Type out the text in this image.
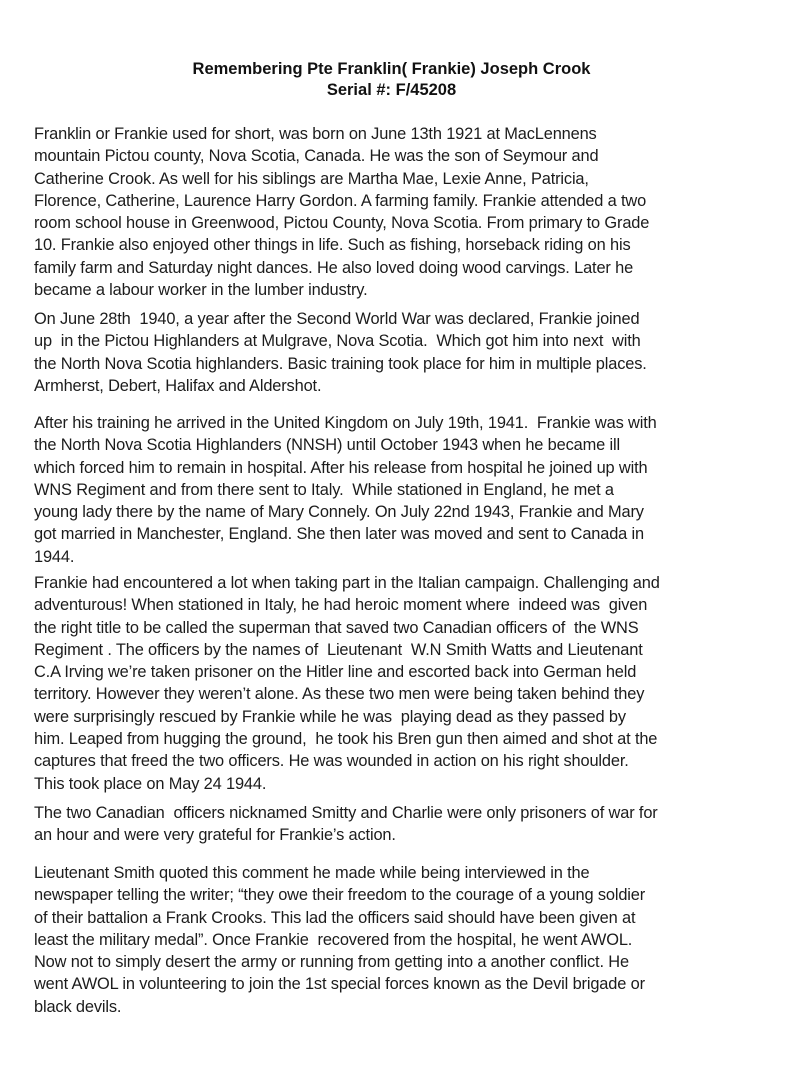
Remembering Pte Franklin( Frankie) Joseph Crook
Serial #: F/45208
Franklin or Frankie used for short, was born on June 13th 1921 at MacLennens
mountain Pictou county, Nova Scotia, Canada. He was the son of Seymour and
Catherine Crook. As well for his siblings are Martha Mae, Lexie Anne, Patricia,
Florence, Catherine, Laurence Harry Gordon. A farming family. Frankie attended a two
room school house in Greenwood, Pictou County, Nova Scotia. From primary to Grade
10. Frankie also enjoyed other things in life. Such as fishing, horseback riding on his
family farm and Saturday night dances. He also loved doing wood carvings. Later he
became a labour worker in the lumber industry.
On June 28th  1940, a year after the Second World War was declared, Frankie joined
up  in the Pictou Highlanders at Mulgrave, Nova Scotia.  Which got him into next  with
the North Nova Scotia highlanders. Basic training took place for him in multiple places.
Armherst, Debert, Halifax and Aldershot.
After his training he arrived in the United Kingdom on July 19th, 1941.  Frankie was with
the North Nova Scotia Highlanders (NNSH) until October 1943 when he became ill
which forced him to remain in hospital. After his release from hospital he joined up with
WNS Regiment and from there sent to Italy.  While stationed in England, he met a
young lady there by the name of Mary Connely. On July 22nd 1943, Frankie and Mary
got married in Manchester, England. She then later was moved and sent to Canada in
1944.
Frankie had encountered a lot when taking part in the Italian campaign. Challenging and
adventurous! When stationed in Italy, he had heroic moment where  indeed was  given
the right title to be called the superman that saved two Canadian officers of  the WNS
Regiment . The officers by the names of  Lieutenant  W.N Smith Watts and Lieutenant
C.A Irving we’re taken prisoner on the Hitler line and escorted back into German held
territory. However they weren’t alone. As these two men were being taken behind they
were surprisingly rescued by Frankie while he was  playing dead as they passed by
him. Leaped from hugging the ground,  he took his Bren gun then aimed and shot at the
captures that freed the two officers. He was wounded in action on his right shoulder.
This took place on May 24 1944.
The two Canadian  officers nicknamed Smitty and Charlie were only prisoners of war for
an hour and were very grateful for Frankie’s action.
Lieutenant Smith quoted this comment he made while being interviewed in the
newspaper telling the writer; “they owe their freedom to the courage of a young soldier
of their battalion a Frank Crooks. This lad the officers said should have been given at
least the military medal”. Once Frankie  recovered from the hospital, he went AWOL.
Now not to simply desert the army or running from getting into a another conflict. He
went AWOL in volunteering to join the 1st special forces known as the Devil brigade or
black devils.
